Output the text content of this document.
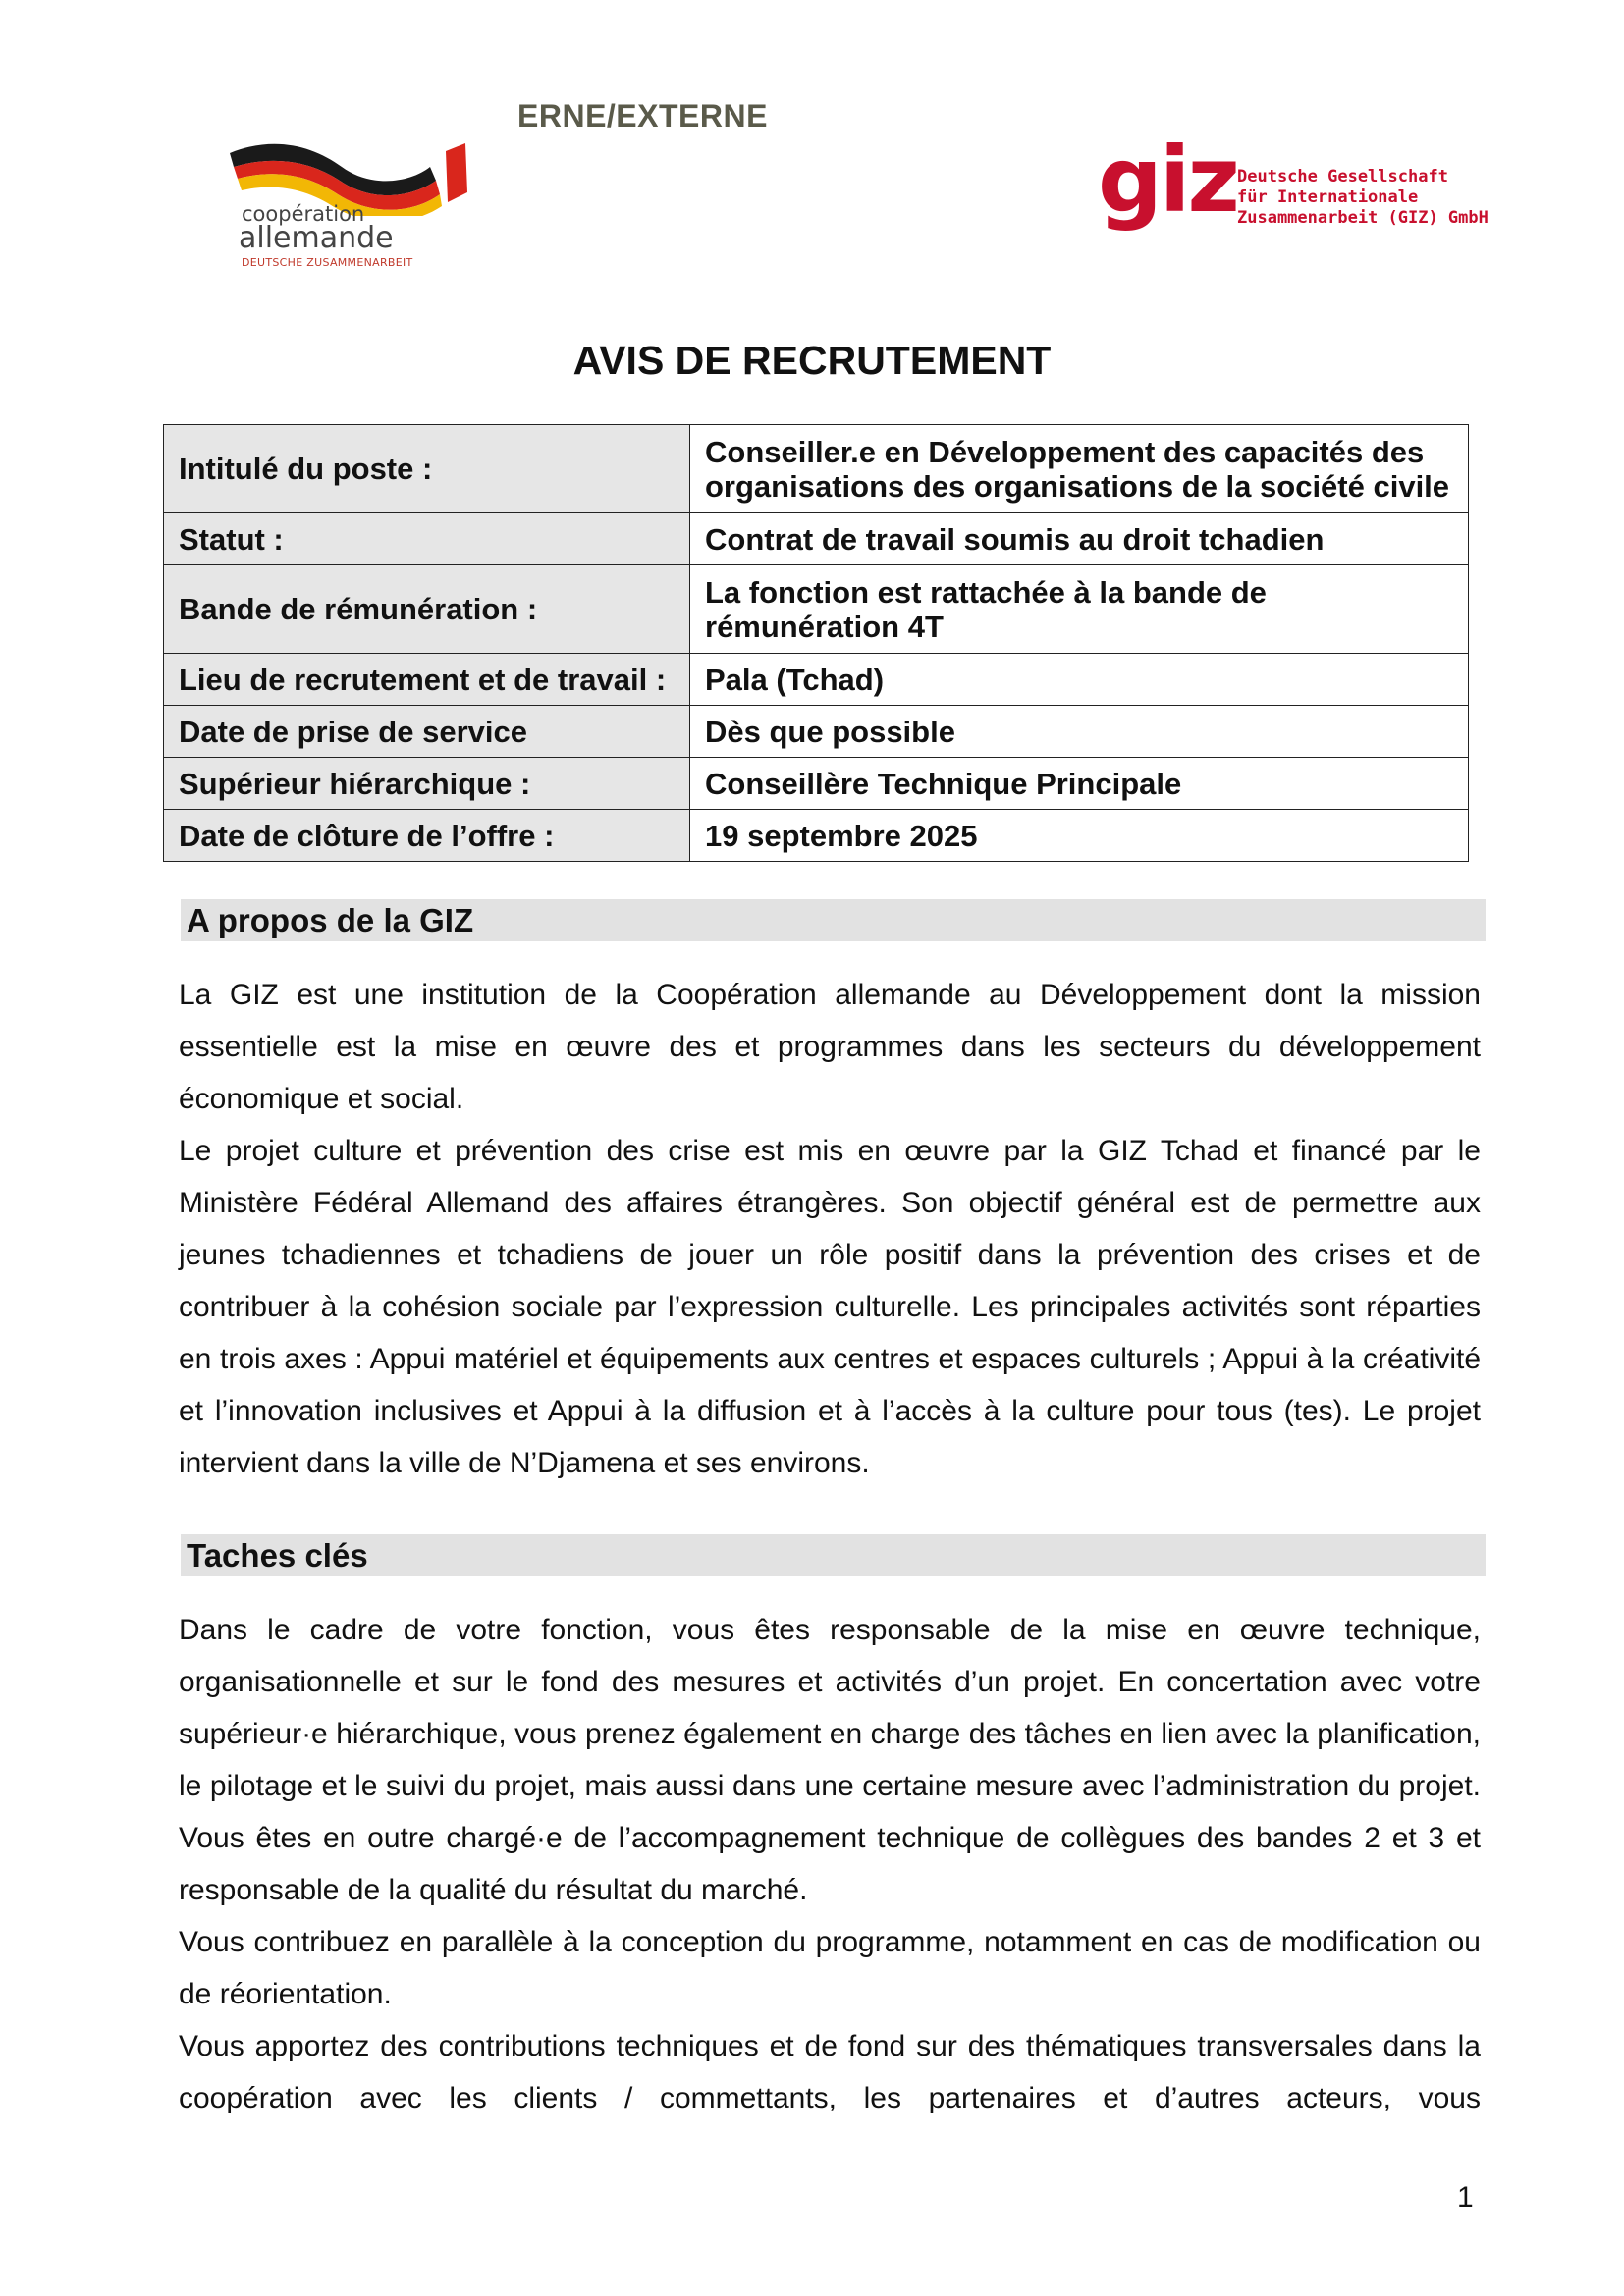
ERNE/EXTERNE
coopération
allemande
DEUTSCHE ZUSAMMENARBEIT
giz Deutsche Gesellschaft
für Internationale
Zusammenarbeit (GIZ) GmbH
AVIS DE RECRUTEMENT
Intitulé du poste :	Conseiller.e en Développement des capacités des organisations des organisations de la société civile
Statut :	Contrat de travail soumis au droit tchadien
Bande de rémunération :	La fonction est rattachée à la bande de rémunération 4T
Lieu de recrutement et de travail :	Pala (Tchad)
Date de prise de service	Dès que possible
Supérieur hiérarchique :	Conseillère Technique Principale
Date de clôture de l’offre :	19 septembre 2025
A propos de la GIZ

La GIZ est une institution de la Coopération allemande au Développement dont la mission essentielle est la mise en œuvre des et programmes dans les secteurs du développement économique et social.

Le projet culture et prévention des crise est mis en œuvre par la GIZ Tchad et financé par le Ministère Fédéral Allemand des affaires étrangères. Son objectif général est de permettre aux jeunes tchadiennes et tchadiens de jouer un rôle positif dans la prévention des crises et de contribuer à la cohésion sociale par l’expression culturelle. Les principales activités sont réparties en trois axes : Appui matériel et équipements aux centres et espaces culturels ; Appui à la créativité et l’innovation inclusives et Appui à la diffusion et à l’accès à la culture pour tous (tes). Le projet intervient dans la ville de N’Djamena et ses environs.

Taches clés

Dans le cadre de votre fonction, vous êtes responsable de la mise en œuvre technique, organisationnelle et sur le fond des mesures et activités d’un projet. En concertation avec votre supérieur·e hiérarchique, vous prenez également en charge des tâches en lien avec la planification, le pilotage et le suivi du projet, mais aussi dans une certaine mesure avec l’administration du projet. Vous êtes en outre chargé·e de l’accompagnement technique de collègues des bandes 2 et 3 et responsable de la qualité du résultat du marché.

Vous contribuez en parallèle à la conception du programme, notamment en cas de modification ou de réorientation.

Vous apportez des contributions techniques et de fond sur des thématiques transversales dans la coopération avec les clients / commettants, les partenaires et d’autres acteurs, vous

1
